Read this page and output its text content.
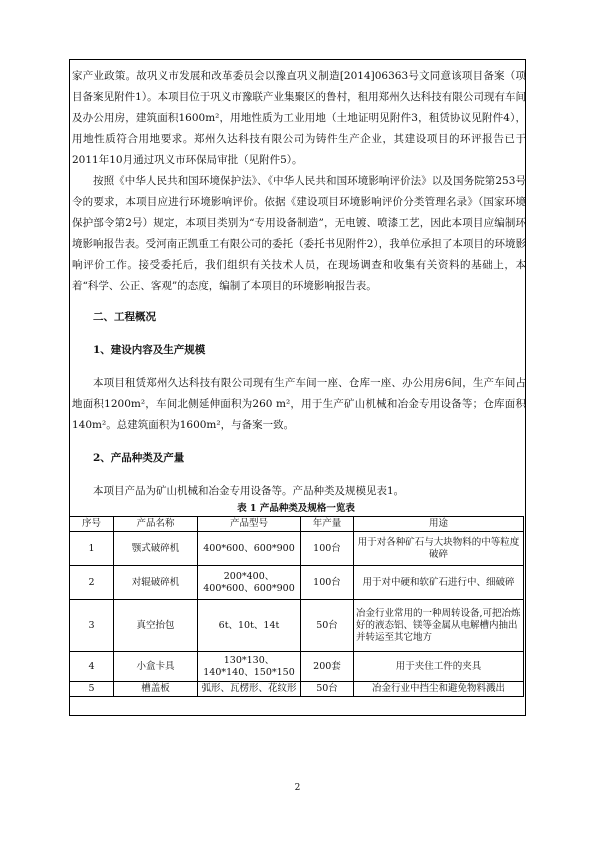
家产业政策。故巩义市发展和改革委员会以豫直巩义制造[2014]06363号文同意该项目备案（项目备案见附件1）。本项目位于巩义市豫联产业集聚区的鲁村，租用郑州久达科技有限公司现有车间及办公用房，建筑面积1600m²，用地性质为工业用地（土地证明见附件3，租赁协议见附件4），用地性质符合用地要求。郑州久达科技有限公司为铸件生产企业，其建设项目的环评报告已于2011年10月通过巩义市环保局审批（见附件5）。

按照《中华人民共和国环境保护法》、《中华人民共和国环境影响评价法》以及国务院第253号令的要求，本项目应进行环境影响评价。依据《建设项目环境影响评价分类管理名录》（国家环境保护部令第2号）规定，本项目类别为“专用设备制造”，无电镀、喷漆工艺，因此本项目应编制环境影响报告表。受河南正凯重工有限公司的委托（委托书见附件2），我单位承担了本项目的环境影响评价工作。接受委托后，我们组织有关技术人员，在现场调查和收集有关资料的基础上，本着“科学、公正、客观”的态度，编制了本项目的环境影响报告表。

二、工程概况

1、建设内容及生产规模

本项目租赁郑州久达科技有限公司现有生产车间一座、仓库一座、办公用房6间，生产车间占地面积1200m²，车间北侧延伸面积为260 m²，用于生产矿山机械和冶金专用设备等；仓库面积140m²。总建筑面积为1600m²，与备案一致。

2、产品种类及产量

本项目产品为矿山机械和冶金专用设备等。产品种类及规模见表1。

表 1 产品种类及规格一览表

序号	产品名称	产品型号	年产量	用途
1	颚式破碎机	400*600、600*900	100台	用于对各种矿石与大块物料的中等粒度破碎
2	对辊破碎机	200*400、400*600、600*900	100台	用于对中硬和软矿石进行中、细破碎
3	真空抬包	6t、10t、14t	50台	冶金行业常用的一种周转设备,可把冶炼好的液态铝、镁等金属从电解槽内抽出并转运至其它地方
4	小盒卡具	130*130、140*140、150*150	200套	用于夹住工件的夹具
5	槽盖板	弧形、瓦楞形、花纹形	50台	冶金行业中挡尘和避免物料溅出
2
